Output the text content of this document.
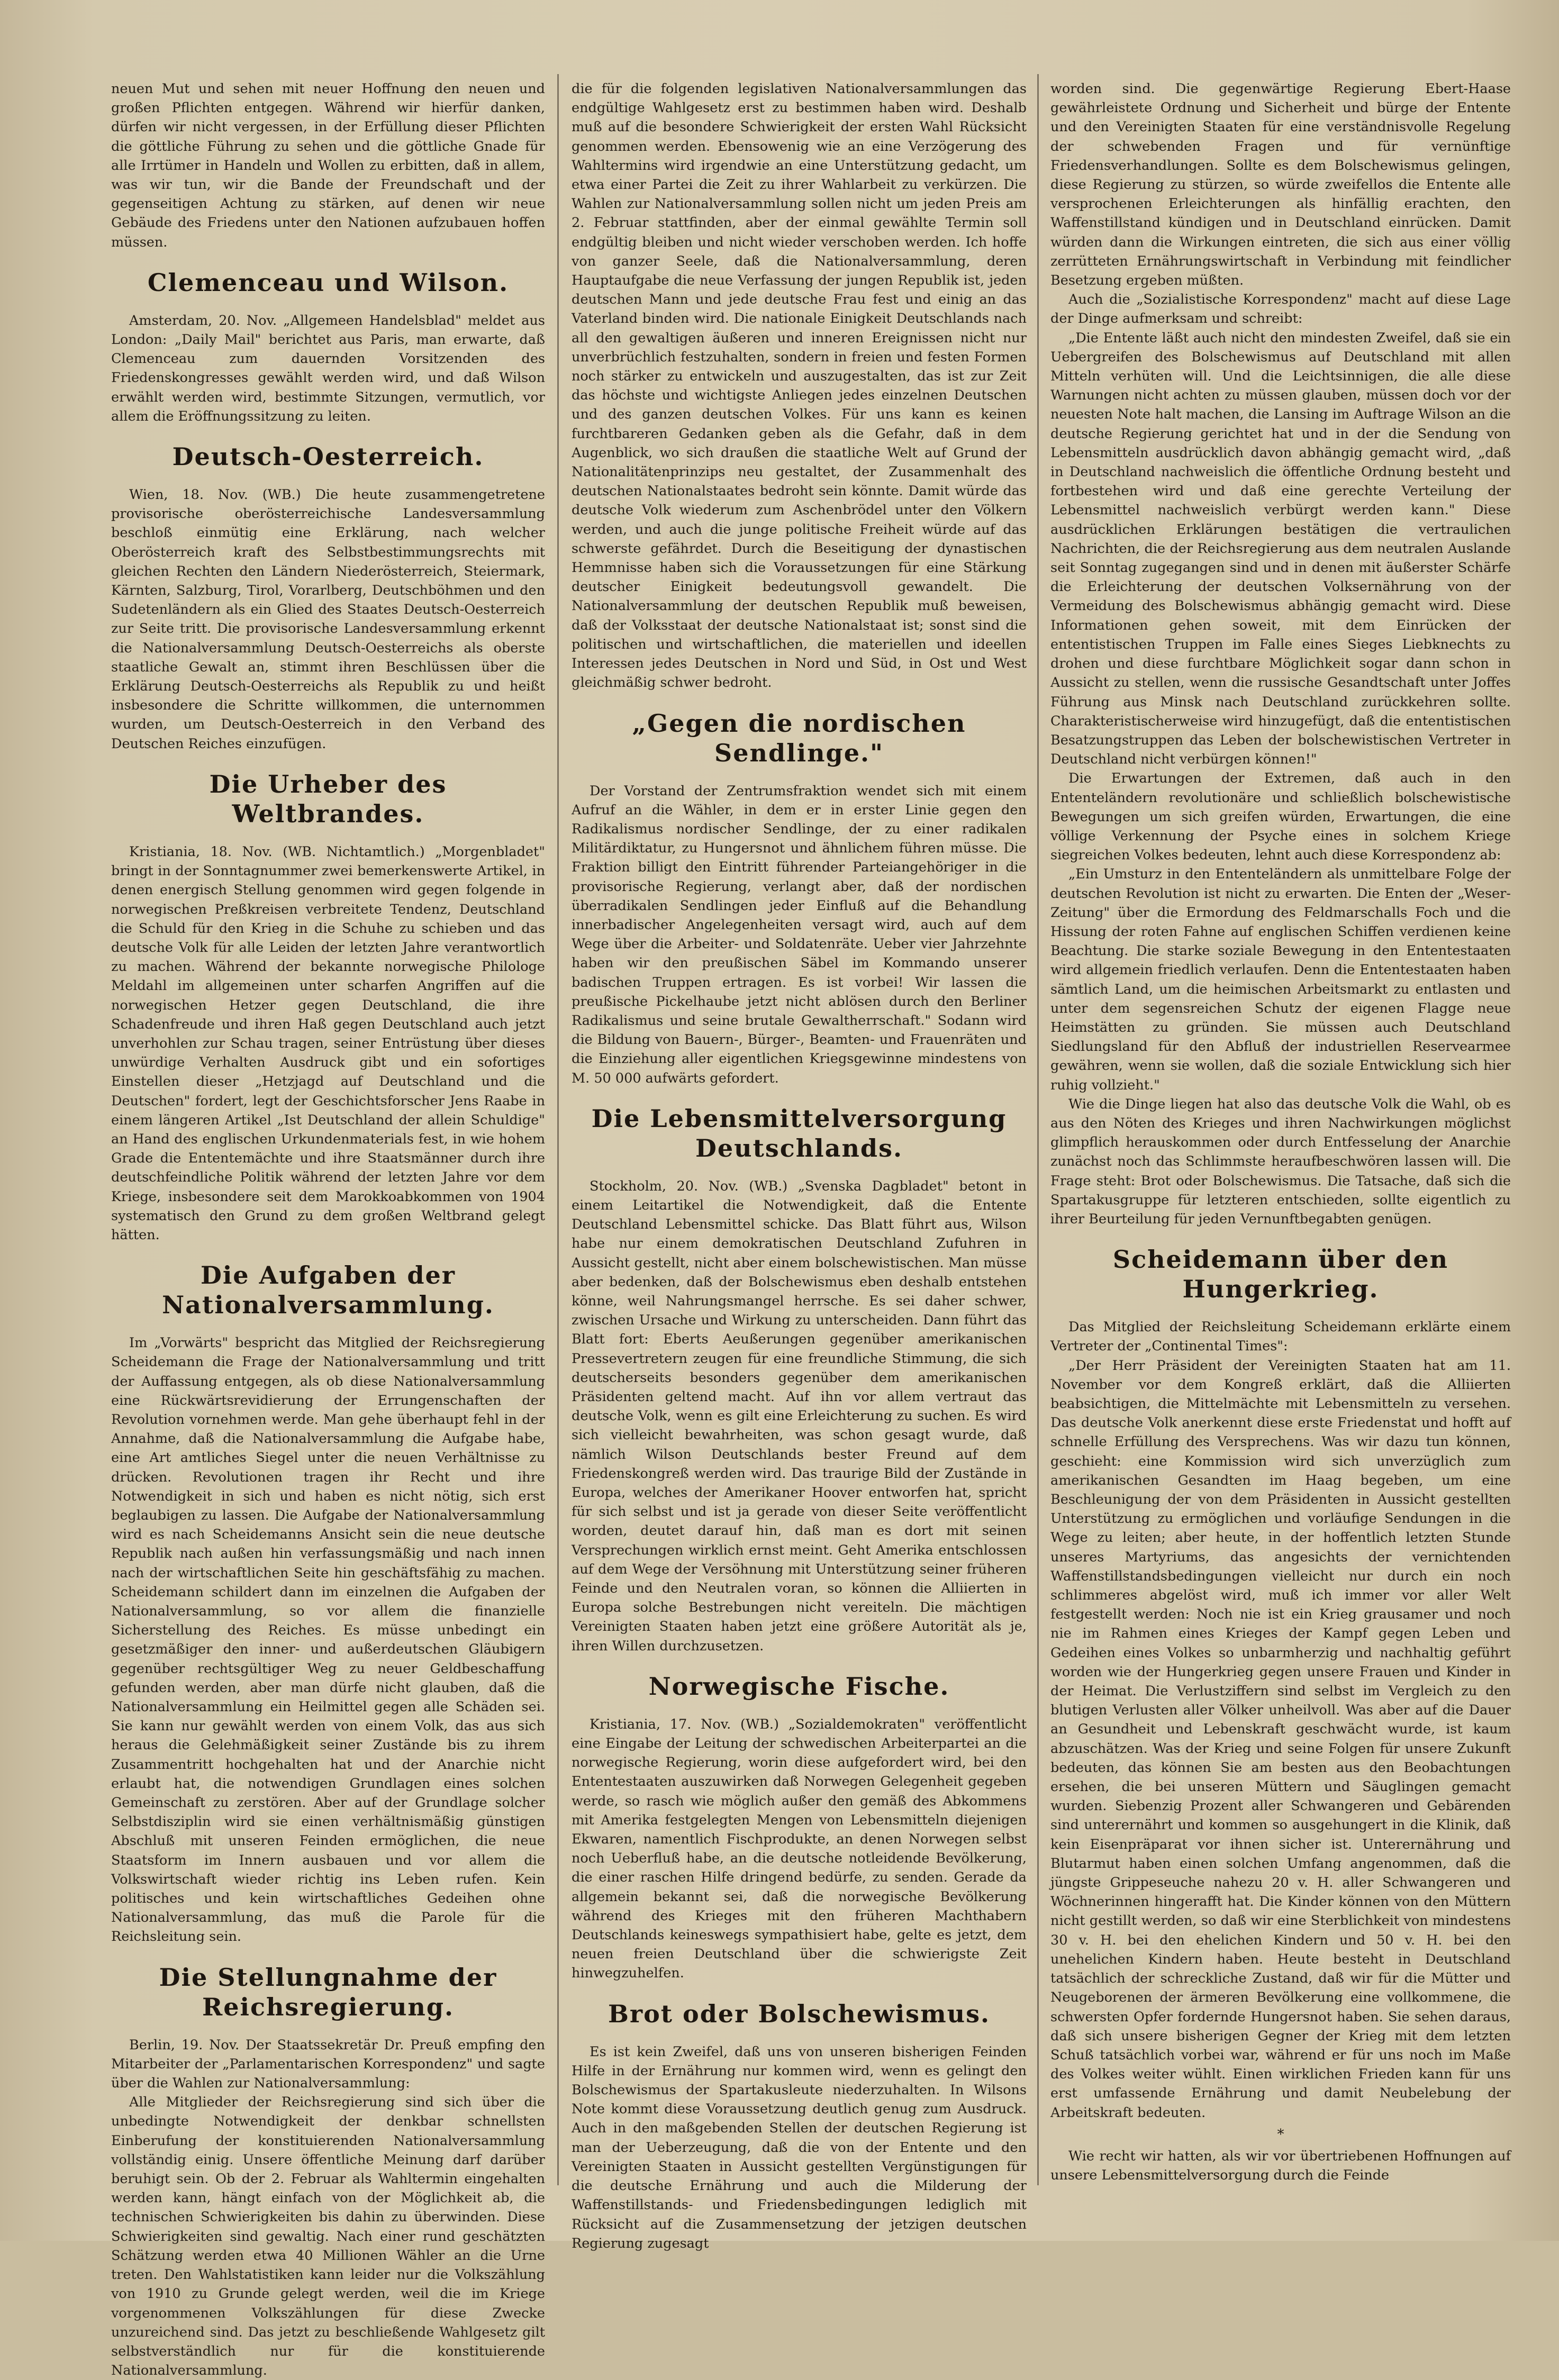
neuen Mut und sehen mit neuer Hoffnung den neuen und großen Pflichten entgegen. Während wir hierfür danken, dürfen wir nicht vergessen, in der Erfüllung dieser Pflichten die göttliche Führung zu sehen und die göttliche Gnade für alle Irrtümer in Handeln und Wollen zu erbitten, daß in allem, was wir tun, wir die Bande der Freundschaft und der gegenseitigen Achtung zu stärken, auf denen wir neue Gebäude des Friedens unter den Nationen aufzubauen hoffen müssen.

Clemenceau und Wilson.

Amsterdam, 20. Nov. „Allgemeen Handelsblad" meldet aus London: „Daily Mail" berichtet aus Paris, man erwarte, daß Clemenceau zum dauernden Vorsitzenden des Friedenskongresses gewählt werden wird, und daß Wilson erwählt werden wird, bestimmte Sitzungen, vermutlich, vor allem die Eröffnungssitzung zu leiten.

Deutsch-Oesterreich.

Wien, 18. Nov. (WB.) Die heute zusammengetretene provisorische oberösterreichische Landesversammlung beschloß einmütig eine Erklärung, nach welcher Oberösterreich kraft des Selbstbestimmungsrechts mit gleichen Rechten den Ländern Niederösterreich, Steiermark, Kärnten, Salzburg, Tirol, Vorarlberg, Deutschböhmen und den Sudetenländern als ein Glied des Staates Deutsch-Oesterreich zur Seite tritt. Die provisorische Landesversammlung erkennt die Nationalversammlung Deutsch-Oesterreichs als oberste staatliche Gewalt an, stimmt ihren Beschlüssen über die Erklärung Deutsch-Oesterreichs als Republik zu und heißt insbesondere die Schritte willkommen, die unternommen wurden, um Deutsch-Oesterreich in den Verband des Deutschen Reiches einzufügen.

Die Urheber des Weltbrandes.

Kristiania, 18. Nov. (WB. Nichtamtlich.) „Morgenbladet" bringt in der Sonntagnummer zwei bemerkenswerte Artikel, in denen energisch Stellung genommen wird gegen folgende in norwegischen Preßkreisen verbreitete Tendenz, Deutschland die Schuld für den Krieg in die Schuhe zu schieben und das deutsche Volk für alle Leiden der letzten Jahre verantwortlich zu machen. Während der bekannte norwegische Philologe Meldahl im allgemeinen unter scharfen Angriffen auf die norwegischen Hetzer gegen Deutschland, die ihre Schadenfreude und ihren Haß gegen Deutschland auch jetzt unverhohlen zur Schau tragen, seiner Entrüstung über dieses unwürdige Verhalten Ausdruck gibt und ein sofortiges Einstellen dieser „Hetzjagd auf Deutschland und die Deutschen" fordert, legt der Geschichtsforscher Jens Raabe in einem längeren Artikel „Ist Deutschland der allein Schuldige" an Hand des englischen Urkundenmaterials fest, in wie hohem Grade die Ententemächte und ihre Staatsmänner durch ihre deutschfeindliche Politik während der letzten Jahre vor dem Kriege, insbesondere seit dem Marokkoabkommen von 1904 systematisch den Grund zu dem großen Weltbrand gelegt hätten.

Die Aufgaben der Nationalversammlung.

Im „Vorwärts" bespricht das Mitglied der Reichsregierung Scheidemann die Frage der Nationalversammlung und tritt der Auffassung entgegen, als ob diese Nationalversammlung eine Rückwärtsrevidierung der Errungenschaften der Revolution vornehmen werde. Man gehe überhaupt fehl in der Annahme, daß die Nationalversammlung die Aufgabe habe, eine Art amtliches Siegel unter die neuen Verhältnisse zu drücken. Revolutionen tragen ihr Recht und ihre Notwendigkeit in sich und haben es nicht nötig, sich erst beglaubigen zu lassen. Die Aufgabe der Nationalversammlung wird es nach Scheidemanns Ansicht sein die neue deutsche Republik nach außen hin verfassungsmäßig und nach innen nach der wirtschaftlichen Seite hin geschäftsfähig zu machen. Scheidemann schildert dann im einzelnen die Aufgaben der Nationalversammlung, so vor allem die finanzielle Sicherstellung des Reiches. Es müsse unbedingt ein gesetzmäßiger den inner- und außerdeutschen Gläubigern gegenüber rechtsgültiger Weg zu neuer Geldbeschaffung gefunden werden, aber man dürfe nicht glauben, daß die Nationalversammlung ein Heilmittel gegen alle Schäden sei. Sie kann nur gewählt werden von einem Volk, das aus sich heraus die Gelehmäßigkeit seiner Zustände bis zu ihrem Zusammentritt hochgehalten hat und der Anarchie nicht erlaubt hat, die notwendigen Grundlagen eines solchen Gemeinschaft zu zerstören. Aber auf der Grundlage solcher Selbstdisziplin wird sie einen verhältnismäßig günstigen Abschluß mit unseren Feinden ermöglichen, die neue Staatsform im Innern ausbauen und vor allem die Volkswirtschaft wieder richtig ins Leben rufen. Kein politisches und kein wirtschaftliches Gedeihen ohne Nationalversammlung, das muß die Parole für die Reichsleitung sein.

Die Stellungnahme der Reichsregierung.

Berlin, 19. Nov. Der Staatssekretär Dr. Preuß empfing den Mitarbeiter der „Parlamentarischen Korrespondenz" und sagte über die Wahlen zur Nationalversammlung:

Alle Mitglieder der Reichsregierung sind sich über die unbedingte Notwendigkeit der denkbar schnellsten Einberufung der konstituierenden Nationalversammlung vollständig einig. Unsere öffentliche Meinung darf darüber beruhigt sein. Ob der 2. Februar als Wahltermin eingehalten werden kann, hängt einfach von der Möglichkeit ab, die technischen Schwierigkeiten bis dahin zu überwinden. Diese Schwierigkeiten sind gewaltig. Nach einer rund geschätzten Schätzung werden etwa 40 Millionen Wähler an die Urne treten. Den Wahlstatistiken kann leider nur die Volkszählung von 1910 zu Grunde gelegt werden, weil die im Kriege vorgenommenen Volkszählungen für diese Zwecke unzureichend sind. Das jetzt zu beschließende Wahlgesetz gilt selbstverständlich nur für die konstituierende Nationalversammlung.

die für die folgenden legislativen Nationalversammlungen das endgültige Wahlgesetz erst zu bestimmen haben wird. Deshalb muß auf die besondere Schwierigkeit der ersten Wahl Rücksicht genommen werden. Ebensowenig wie an eine Verzögerung des Wahltermins wird irgendwie an eine Unterstützung gedacht, um etwa einer Partei die Zeit zu ihrer Wahlarbeit zu verkürzen. Die Wahlen zur Nationalversammlung sollen nicht um jeden Preis am 2. Februar stattfinden, aber der einmal gewählte Termin soll endgültig bleiben und nicht wieder verschoben werden. Ich hoffe von ganzer Seele, daß die Nationalversammlung, deren Hauptaufgabe die neue Verfassung der jungen Republik ist, jeden deutschen Mann und jede deutsche Frau fest und einig an das Vaterland binden wird. Die nationale Einigkeit Deutschlands nach all den gewaltigen äußeren und inneren Ereignissen nicht nur unverbrüchlich festzuhalten, sondern in freien und festen Formen noch stärker zu entwickeln und auszugestalten, das ist zur Zeit das höchste und wichtigste Anliegen jedes einzelnen Deutschen und des ganzen deutschen Volkes. Für uns kann es keinen furchtbareren Gedanken geben als die Gefahr, daß in dem Augenblick, wo sich draußen die staatliche Welt auf Grund der Nationalitätenprinzips neu gestaltet, der Zusammenhalt des deutschen Nationalstaates bedroht sein könnte. Damit würde das deutsche Volk wiederum zum Aschenbrödel unter den Völkern werden, und auch die junge politische Freiheit würde auf das schwerste gefährdet. Durch die Beseitigung der dynastischen Hemmnisse haben sich die Voraussetzungen für eine Stärkung deutscher Einigkeit bedeutungsvoll gewandelt. Die Nationalversammlung der deutschen Republik muß beweisen, daß der Volksstaat der deutsche Nationalstaat ist; sonst sind die politischen und wirtschaftlichen, die materiellen und ideellen Interessen jedes Deutschen in Nord und Süd, in Ost und West gleichmäßig schwer bedroht.

„Gegen die nordischen Sendlinge."

Der Vorstand der Zentrumsfraktion wendet sich mit einem Aufruf an die Wähler, in dem er in erster Linie gegen den Radikalismus nordischer Sendlinge, der zu einer radikalen Militärdiktatur, zu Hungersnot und ähnlichem führen müsse. Die Fraktion billigt den Eintritt führender Parteiangehöriger in die provisorische Regierung, verlangt aber, daß der nordischen überradikalen Sendlingen jeder Einfluß auf die Behandlung innerbadischer Angelegenheiten versagt wird, auch auf dem Wege über die Arbeiter- und Soldatenräte. Ueber vier Jahrzehnte haben wir den preußischen Säbel im Kommando unserer badischen Truppen ertragen. Es ist vorbei! Wir lassen die preußische Pickelhaube jetzt nicht ablösen durch den Berliner Radikalismus und seine brutale Gewaltherrschaft." Sodann wird die Bildung von Bauern-, Bürger-, Beamten- und Frauenräten und die Einziehung aller eigentlichen Kriegsgewinne mindestens von M. 50 000 aufwärts gefordert.

Die Lebensmittelversorgung Deutschlands.

Stockholm, 20. Nov. (WB.) „Svenska Dagbladet" betont in einem Leitartikel die Notwendigkeit, daß die Entente Deutschland Lebensmittel schicke. Das Blatt führt aus, Wilson habe nur einem demokratischen Deutschland Zufuhren in Aussicht gestellt, nicht aber einem bolschewistischen. Man müsse aber bedenken, daß der Bolschewismus eben deshalb entstehen könne, weil Nahrungsmangel herrsche. Es sei daher schwer, zwischen Ursache und Wirkung zu unterscheiden. Dann führt das Blatt fort: Eberts Aeußerungen gegenüber amerikanischen Pressevertretern zeugen für eine freundliche Stimmung, die sich deutscherseits besonders gegenüber dem amerikanischen Präsidenten geltend macht. Auf ihn vor allem vertraut das deutsche Volk, wenn es gilt eine Erleichterung zu suchen. Es wird sich vielleicht bewahrheiten, was schon gesagt wurde, daß nämlich Wilson Deutschlands bester Freund auf dem Friedenskongreß werden wird. Das traurige Bild der Zustände in Europa, welches der Amerikaner Hoover entworfen hat, spricht für sich selbst und ist ja gerade von dieser Seite veröffentlicht worden, deutet darauf hin, daß man es dort mit seinen Versprechungen wirklich ernst meint. Geht Amerika entschlossen auf dem Wege der Versöhnung mit Unterstützung seiner früheren Feinde und den Neutralen voran, so können die Alliierten in Europa solche Bestrebungen nicht vereiteln. Die mächtigen Vereinigten Staaten haben jetzt eine größere Autorität als je, ihren Willen durchzusetzen.

Norwegische Fische.

Kristiania, 17. Nov. (WB.) „Sozialdemokraten" veröffentlicht eine Eingabe der Leitung der schwedischen Arbeiterpartei an die norwegische Regierung, worin diese aufgefordert wird, bei den Ententestaaten auszuwirken daß Norwegen Gelegenheit gegeben werde, so rasch wie möglich außer den gemäß des Abkommens mit Amerika festgelegten Mengen von Lebensmitteln diejenigen Ekwaren, namentlich Fischprodukte, an denen Norwegen selbst noch Ueberfluß habe, an die deutsche notleidende Bevölkerung, die einer raschen Hilfe dringend bedürfe, zu senden. Gerade da allgemein bekannt sei, daß die norwegische Bevölkerung während des Krieges mit den früheren Machthabern Deutschlands keineswegs sympathisiert habe, gelte es jetzt, dem neuen freien Deutschland über die schwierigste Zeit hinwegzuhelfen.

Brot oder Bolschewismus.

Es ist kein Zweifel, daß uns von unseren bisherigen Feinden Hilfe in der Ernährung nur kommen wird, wenn es gelingt den Bolschewismus der Spartakusleute niederzuhalten. In Wilsons Note kommt diese Voraussetzung deutlich genug zum Ausdruck. Auch in den maßgebenden Stellen der deutschen Regierung ist man der Ueberzeugung, daß die von der Entente und den Vereinigten Staaten in Aussicht gestellten Vergünstigungen für die deutsche Ernährung und auch die Milderung der Waffenstillstands- und Friedensbedingungen lediglich mit Rücksicht auf die Zusammensetzung der jetzigen deutschen Regierung zugesagt

worden sind. Die gegenwärtige Regierung Ebert-Haase gewährleistete Ordnung und Sicherheit und bürge der Entente und den Vereinigten Staaten für eine verständnisvolle Regelung der schwebenden Fragen und für vernünftige Friedensverhandlungen. Sollte es dem Bolschewismus gelingen, diese Regierung zu stürzen, so würde zweifellos die Entente alle versprochenen Erleichterungen als hinfällig erachten, den Waffenstillstand kündigen und in Deutschland einrücken. Damit würden dann die Wirkungen eintreten, die sich aus einer völlig zerrütteten Ernährungswirtschaft in Verbindung mit feindlicher Besetzung ergeben müßten.

Auch die „Sozialistische Korrespondenz" macht auf diese Lage der Dinge aufmerksam und schreibt:

„Die Entente läßt auch nicht den mindesten Zweifel, daß sie ein Uebergreifen des Bolschewismus auf Deutschland mit allen Mitteln verhüten will. Und die Leichtsinnigen, die alle diese Warnungen nicht achten zu müssen glauben, müssen doch vor der neuesten Note halt machen, die Lansing im Auftrage Wilson an die deutsche Regierung gerichtet hat und in der die Sendung von Lebensmitteln ausdrücklich davon abhängig gemacht wird, „daß in Deutschland nachweislich die öffentliche Ordnung besteht und fortbestehen wird und daß eine gerechte Verteilung der Lebensmittel nachweislich verbürgt werden kann." Diese ausdrücklichen Erklärungen bestätigen die vertraulichen Nachrichten, die der Reichsregierung aus dem neutralen Auslande seit Sonntag zugegangen sind und in denen mit äußerster Schärfe die Erleichterung der deutschen Volksernährung von der Vermeidung des Bolschewismus abhängig gemacht wird. Diese Informationen gehen soweit, mit dem Einrücken der ententistischen Truppen im Falle eines Sieges Liebknechts zu drohen und diese furchtbare Möglichkeit sogar dann schon in Aussicht zu stellen, wenn die russische Gesandtschaft unter Joffes Führung aus Minsk nach Deutschland zurückkehren sollte. Charakteristischerweise wird hinzugefügt, daß die ententistischen Besatzungstruppen das Leben der bolschewistischen Vertreter in Deutschland nicht verbürgen können!"

Die Erwartungen der Extremen, daß auch in den Ententeländern revolutionäre und schließlich bolschewistische Bewegungen um sich greifen würden, Erwartungen, die eine völlige Verkennung der Psyche eines in solchem Kriege siegreichen Volkes bedeuten, lehnt auch diese Korrespondenz ab:

„Ein Umsturz in den Ententeländern als unmittelbare Folge der deutschen Revolution ist nicht zu erwarten. Die Enten der „Weser-Zeitung" über die Ermordung des Feldmarschalls Foch und die Hissung der roten Fahne auf englischen Schiffen verdienen keine Beachtung. Die starke soziale Bewegung in den Ententestaaten wird allgemein friedlich verlaufen. Denn die Ententestaaten haben sämtlich Land, um die heimischen Arbeitsmarkt zu entlasten und unter dem segensreichen Schutz der eigenen Flagge neue Heimstätten zu gründen. Sie müssen auch Deutschland Siedlungsland für den Abfluß der industriellen Reservearmee gewähren, wenn sie wollen, daß die soziale Entwicklung sich hier ruhig vollzieht."

Wie die Dinge liegen hat also das deutsche Volk die Wahl, ob es aus den Nöten des Krieges und ihren Nachwirkungen möglichst glimpflich herauskommen oder durch Entfesselung der Anarchie zunächst noch das Schlimmste heraufbeschwören lassen will. Die Frage steht: Brot oder Bolschewismus. Die Tatsache, daß sich die Spartakusgruppe für letzteren entschieden, sollte eigentlich zu ihrer Beurteilung für jeden Vernunftbegabten genügen.

Scheidemann über den Hungerkrieg.

Das Mitglied der Reichsleitung Scheidemann erklärte einem Vertreter der „Continental Times":

„Der Herr Präsident der Vereinigten Staaten hat am 11. November vor dem Kongreß erklärt, daß die Alliierten beabsichtigen, die Mittelmächte mit Lebensmitteln zu versehen. Das deutsche Volk anerkennt diese erste Friedenstat und hofft auf schnelle Erfüllung des Versprechens. Was wir dazu tun können, geschieht: eine Kommission wird sich unverzüglich zum amerikanischen Gesandten im Haag begeben, um eine Beschleunigung der von dem Präsidenten in Aussicht gestellten Unterstützung zu ermöglichen und vorläufige Sendungen in die Wege zu leiten; aber heute, in der hoffentlich letzten Stunde unseres Martyriums, das angesichts der vernichtenden Waffenstillstandsbedingungen vielleicht nur durch ein noch schlimmeres abgelöst wird, muß ich immer vor aller Welt festgestellt werden: Noch nie ist ein Krieg grausamer und noch nie im Rahmen eines Krieges der Kampf gegen Leben und Gedeihen eines Volkes so unbarmherzig und nachhaltig geführt worden wie der Hungerkrieg gegen unsere Frauen und Kinder in der Heimat. Die Verlustziffern sind selbst im Vergleich zu den blutigen Verlusten aller Völker unheilvoll. Was aber auf die Dauer an Gesundheit und Lebenskraft geschwächt wurde, ist kaum abzuschätzen. Was der Krieg und seine Folgen für unsere Zukunft bedeuten, das können Sie am besten aus den Beobachtungen ersehen, die bei unseren Müttern und Säuglingen gemacht wurden. Siebenzig Prozent aller Schwangeren und Gebärenden sind unterernährt und kommen so ausgehungert in die Klinik, daß kein Eisenpräparat vor ihnen sicher ist. Unterernährung und Blutarmut haben einen solchen Umfang angenommen, daß die jüngste Grippeseuche nahezu 20 v. H. aller Schwangeren und Wöchnerinnen hingerafft hat. Die Kinder können von den Müttern nicht gestillt werden, so daß wir eine Sterblichkeit von mindestens 30 v. H. bei den ehelichen Kindern und 50 v. H. bei den unehelichen Kindern haben. Heute besteht in Deutschland tatsächlich der schreckliche Zustand, daß wir für die Mütter und Neugeborenen der ärmeren Bevölkerung eine vollkommene, die schwersten Opfer fordernde Hungersnot haben. Sie sehen daraus, daß sich unsere bisherigen Gegner der Krieg mit dem letzten Schuß tatsächlich vorbei war, während er für uns noch im Maße des Volkes weiter wühlt. Einen wirklichen Frieden kann für uns erst umfassende Ernährung und damit Neubelebung der Arbeitskraft bedeuten.

*

Wie recht wir hatten, als wir vor übertriebenen Hoffnungen auf unsere Lebensmittelversorgung durch die Feinde
